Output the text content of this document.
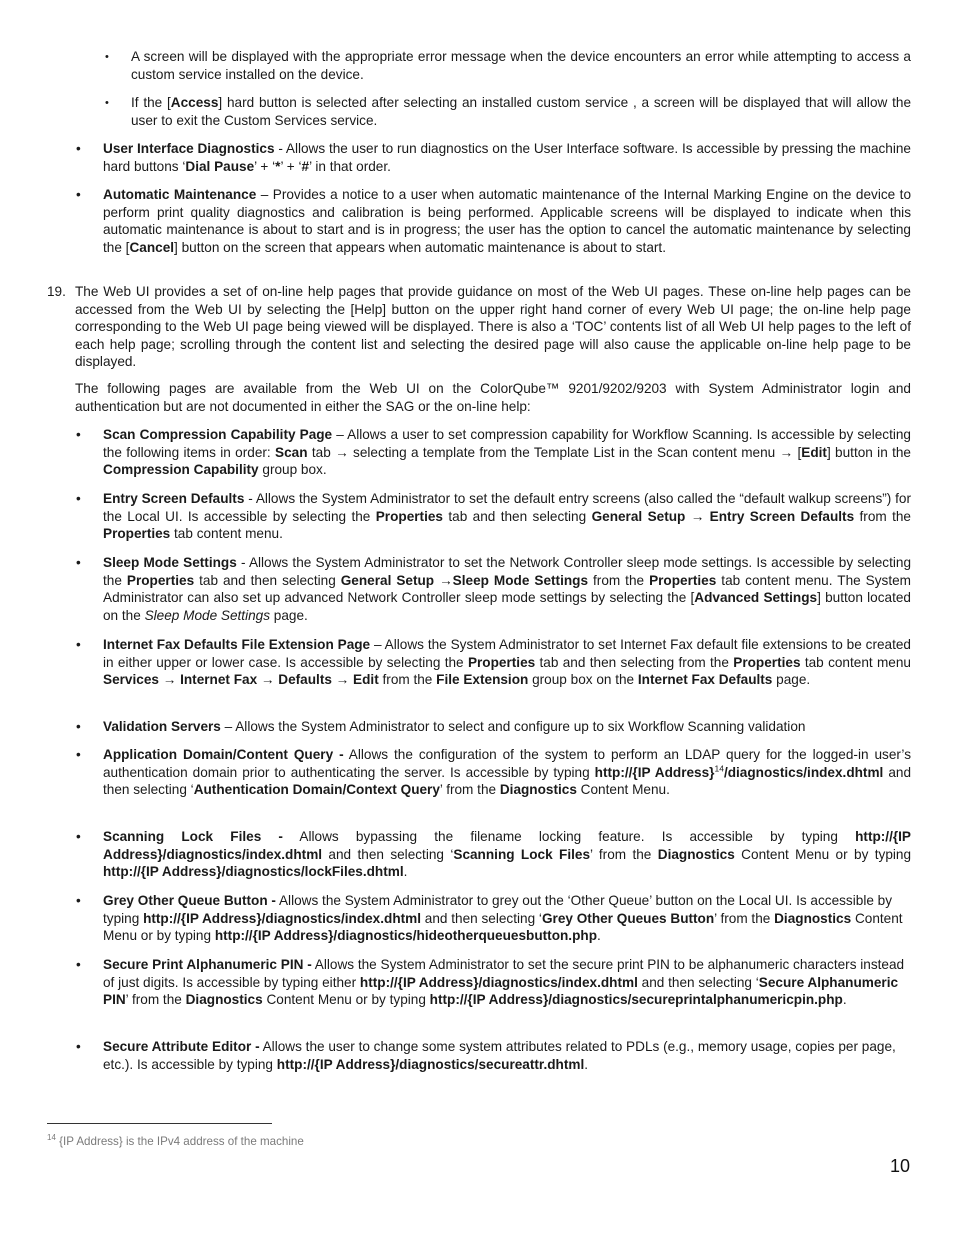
• A screen will be displayed with the appropriate error message when the device encounters an error while attempting to access a custom service installed on the device.

• If the [Access] hard button is selected after selecting an installed custom service , a screen will be displayed that will allow the user to exit the Custom Services service.

• User Interface Diagnostics - Allows the user to run diagnostics on the User Interface software. Is accessible by pressing the machine hard buttons ‘Dial Pause’ + ‘*’ + ‘#’ in that order.

• Automatic Maintenance – Provides a notice to a user when automatic maintenance of the Internal Marking Engine on the device to perform print quality diagnostics and calibration is being performed. Applicable screens will be displayed to indicate when this automatic maintenance is about to start and is in progress; the user has the option to cancel the automatic maintenance by selecting the [Cancel] button on the screen that appears when automatic maintenance is about to start.

19. The Web UI provides a set of on-line help pages that provide guidance on most of the Web UI pages. These on-line help pages can be accessed from the Web UI by selecting the [Help] button on the upper right hand corner of every Web UI page; the on-line help page corresponding to the Web UI page being viewed will be displayed. There is also a ‘TOC’ contents list of all Web UI help pages to the left of each help page; scrolling through the content list and selecting the desired page will also cause the applicable on-line help page to be displayed.

The following pages are available from the Web UI on the ColorQube™ 9201/9202/9203 with System Administrator login and authentication but are not documented in either the SAG or the on-line help:

• Scan Compression Capability Page – Allows a user to set compression capability for Workflow Scanning. Is accessible by selecting the following items in order: Scan tab → selecting a template from the Template List in the Scan content menu → [Edit] button in the Compression Capability group box.

• Entry Screen Defaults - Allows the System Administrator to set the default entry screens (also called the “default walkup screens”) for the Local UI. Is accessible by selecting the Properties tab and then selecting General Setup → Entry Screen Defaults from the Properties tab content menu.

• Sleep Mode Settings - Allows the System Administrator to set the Network Controller sleep mode settings. Is accessible by selecting the Properties tab and then selecting General Setup →Sleep Mode Settings from the Properties tab content menu. The System Administrator can also set up advanced Network Controller sleep mode settings by selecting the [Advanced Settings] button located on the Sleep Mode Settings page.

• Internet Fax Defaults File Extension Page – Allows the System Administrator to set Internet Fax default file extensions to be created in either upper or lower case. Is accessible by selecting the Properties tab and then selecting from the Properties tab content menu Services → Internet Fax → Defaults → Edit from the File Extension group box on the Internet Fax Defaults page.

• Validation Servers – Allows the System Administrator to select and configure up to six Workflow Scanning validation

• Application Domain/Content Query - Allows the configuration of the system to perform an LDAP query for the logged-in user’s authentication domain prior to authenticating the server. Is accessible by typing http://{IP Address}$^{14}$/diagnostics/index.dhtml and then selecting ‘Authentication Domain/Context Query’ from the Diagnostics Content Menu.

• Scanning Lock Files - Allows bypassing the filename locking feature. Is accessible by typing http://{IP Address}/diagnostics/index.dhtml and then selecting ‘Scanning Lock Files’ from the Diagnostics Content Menu or by typing http://{IP Address}/diagnostics/lockFiles.dhtml.

• Grey Other Queue Button - Allows the System Administrator to grey out the ‘Other Queue’ button on the Local UI. Is accessible by typing http://{IP Address}/diagnostics/index.dhtml and then selecting ‘Grey Other Queues Button’ from the Diagnostics Content Menu or by typing http://{IP Address}/diagnostics/hideotherqueuesbutton.php.

• Secure Print Alphanumeric PIN - Allows the System Administrator to set the secure print PIN to be alphanumeric characters instead of just digits. Is accessible by typing either http://{IP Address}/diagnostics/index.dhtml and then selecting ‘Secure Alphanumeric PIN’ from the Diagnostics Content Menu or by typing http://{IP Address}/diagnostics/secureprintalphanumericpin.php.

• Secure Attribute Editor - Allows the user to change some system attributes related to PDLs (e.g., memory usage, copies per page, etc.). Is accessible by typing http://{IP Address}/diagnostics/secureattr.dhtml.

$^{14}$ {IP Address} is the IPv4 address of the machine
10
